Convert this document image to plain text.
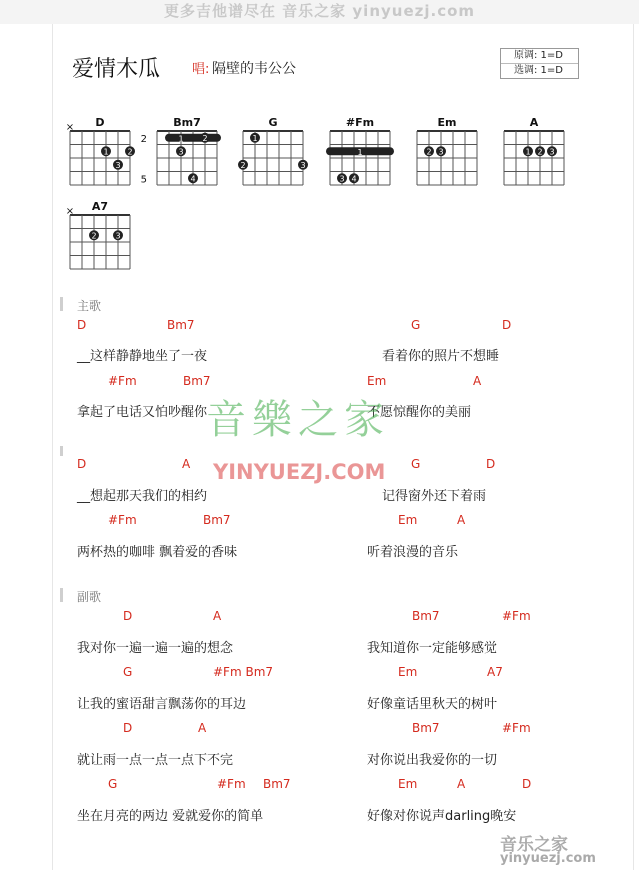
更多吉他谱尽在 音乐之家 yinyuezj.com
爱情木瓜 唱: 隔壁的韦公公
原调: 1=D
选调: 1=D
D
×
1 2
3
Bm7
2
5
1 2
3
4
G
1
2	3
#Fm
1
3 4
Em
2 3
A
1 2 3
A7
×
2 3
主歌
D	Bm7	G	D
__这样静静地坐了一夜	看着你的照片不想睡
#Fm	Bm7	Em	A
拿起了电话又怕吵醒你	不愿惊醒你的美丽
D	A	G	D
__想起那天我们的相约	记得窗外还下着雨
#Fm	Bm7	Em	A
两杯热的咖啡 飘着爱的香味	听着浪漫的音乐
副歌
D	A	Bm7	#Fm
我对你一遍一遍一遍的想念	我知道你一定能够感觉
G	#Fm Bm7	Em	A7
让我的蜜语甜言飘荡你的耳边	好像童话里秋天的树叶
D	A	Bm7	#Fm
就让雨一点一点一点下不完	对你说出我爱你的一切
G	#Fm Bm7	Em	A	D
坐在月亮的两边 爱就爱你的简单	好像对你说声darling晚安
音樂之家
YINYUEZJ.COM
音乐之家
yinyuezj.com
